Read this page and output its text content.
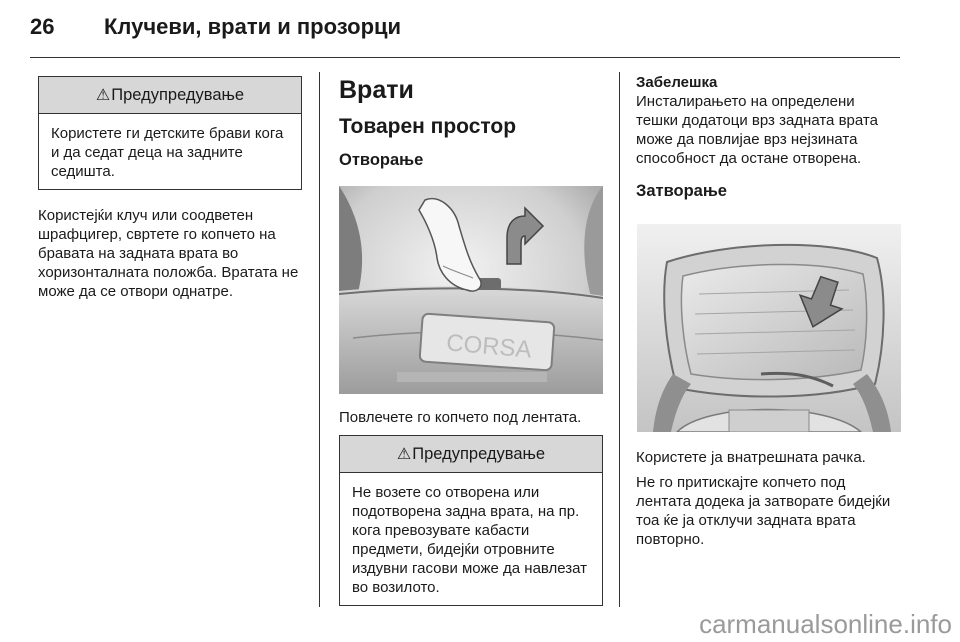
26 Клучеви, врати и прозорци
⚠Предупредување
Користете ги детските брави кога и да седат деца на задните седишта.

Користејќи клуч или соодветен шрафцигер, свртете го копчето на бравата на задната врата во хоризонталната положба. Вратата не може да се отвори однатре.

Врати
Товарен простор
Отворање
CORSA

Повлечете го копчето под лентата.

⚠Предупредување
Не возете со отворена или подотворена задна врата, на пр. кога превозувате кабасти предмети, бидејќи отровните издувни гасови може да навлезат во возилото.
Забелешка

Инсталирањето на определени тешки додатоци врз задната врата може да повлијае врз нејзината способност да остане отворена.

Затворање

Користете ја внатрешната рачка.

Не го притискајте копчето под лентата додека ја затворате бидејќи тоа ќе ја отклучи задната врата повторно.

carmanualsonline.info
